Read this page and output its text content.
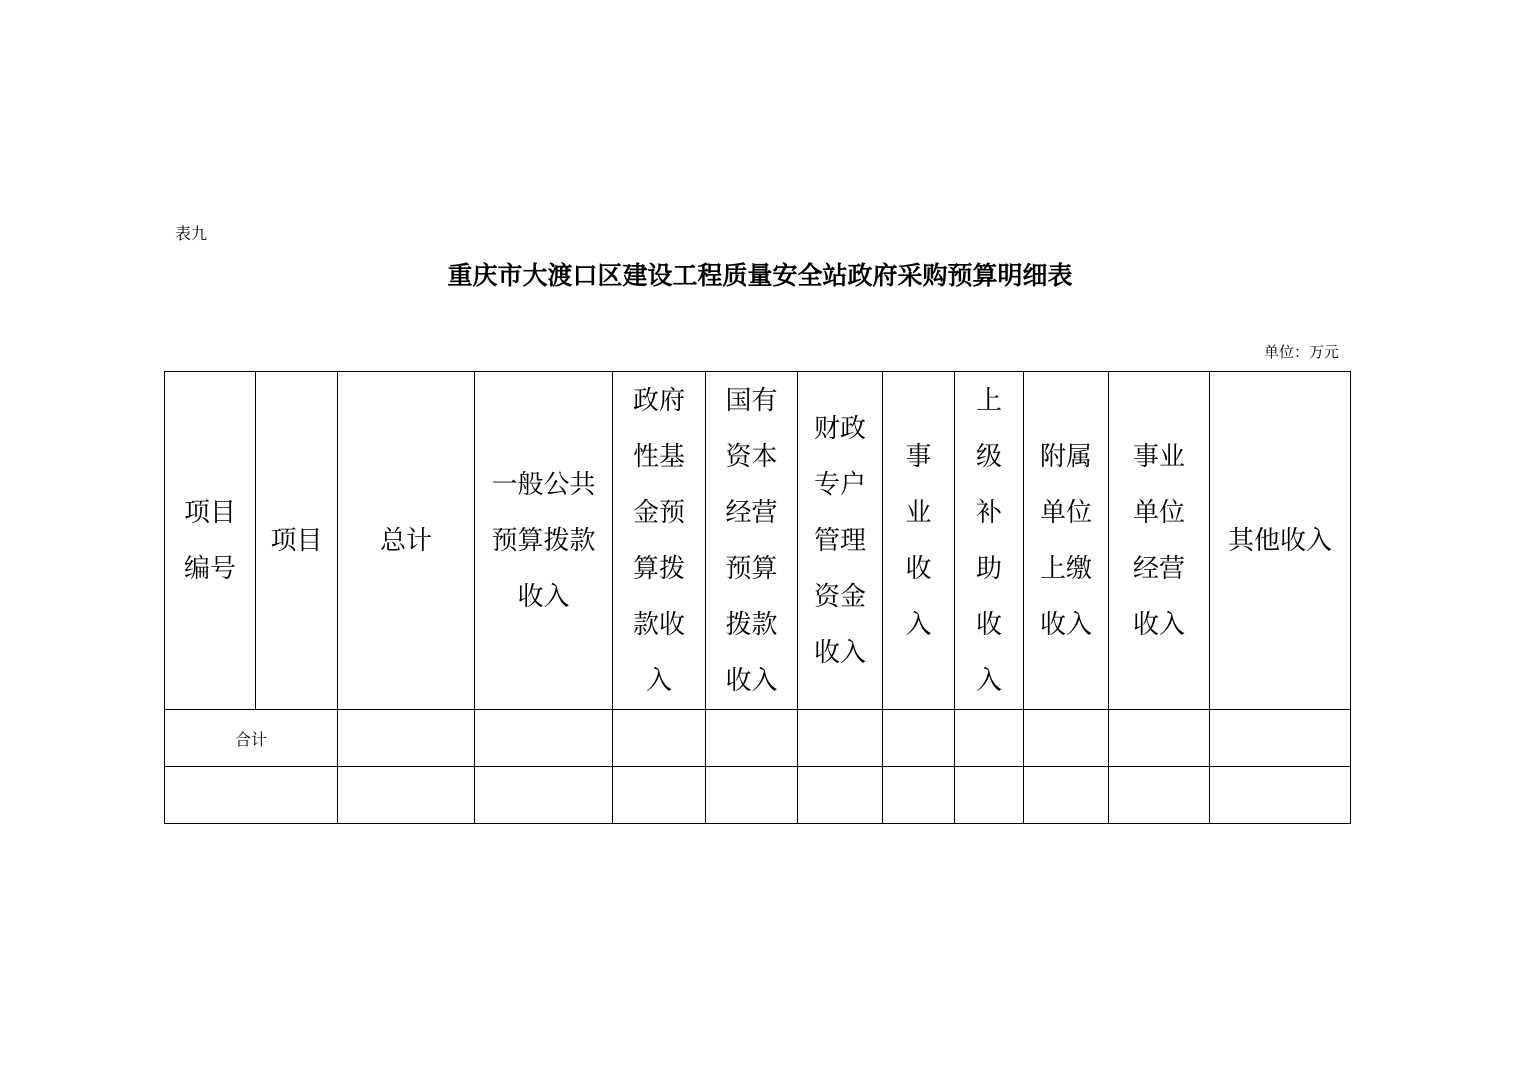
表九
重庆市大渡口区建设工程质量安全站政府采购预算明细表
单位：万元
项目编号	项目	总计	一般公共预算拨款收入	政府性基金预算拨款收入	国有资本经营预算拨款收入	财政专户管理资金收入	事业收入	上级补助收入	附属单位上缴收入	事业单位经营收入	其他收入

合计											
